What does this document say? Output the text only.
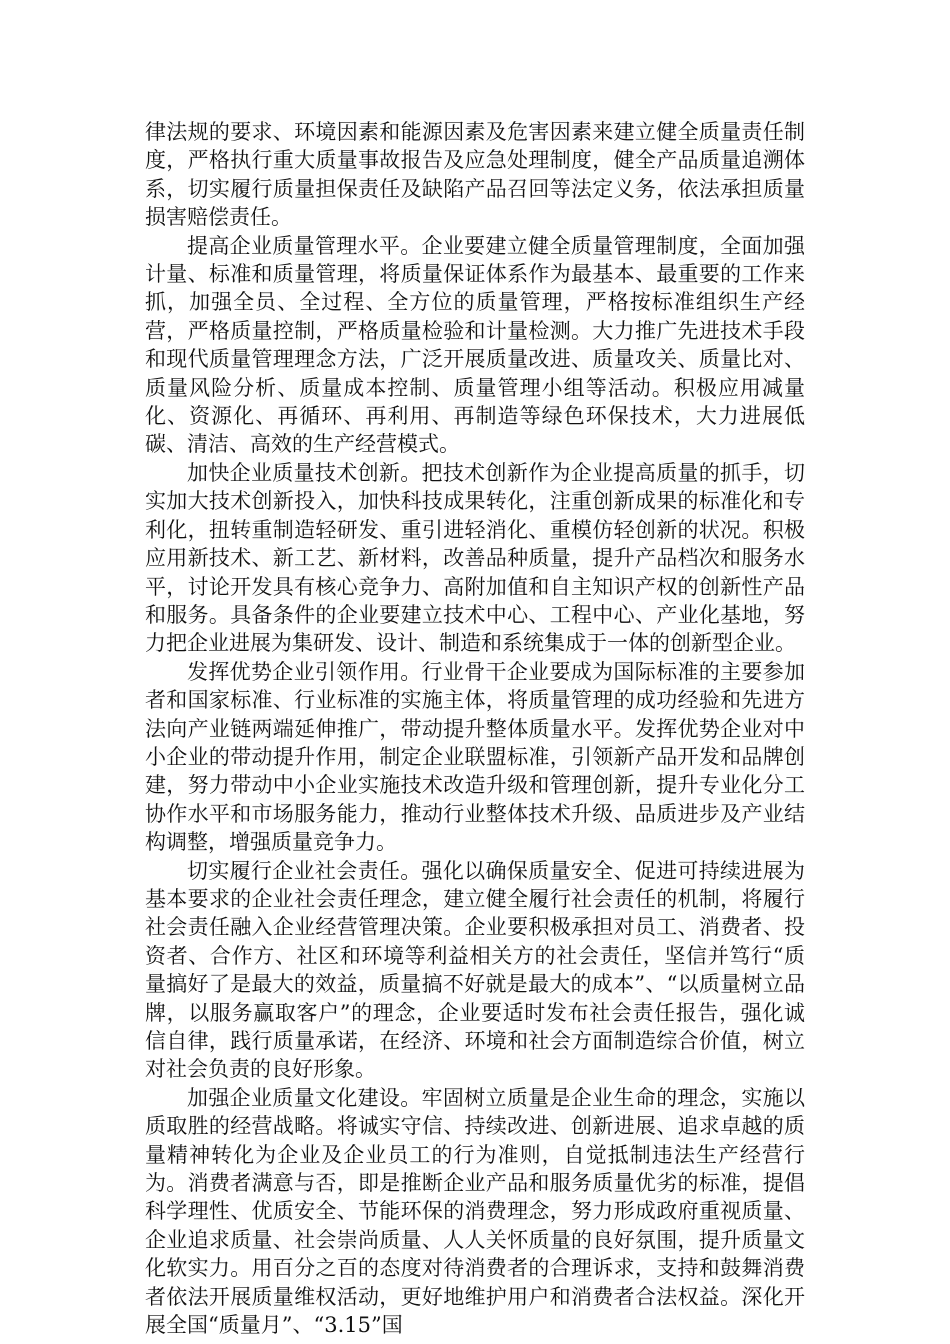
律法规的要求、环境因素和能源因素及危害因素来建立健全质量责任制度，严格执行重大质量事故报告及应急处理制度，健全产品质量追溯体系，切实履行质量担保责任及缺陷产品召回等法定义务，依法承担质量损害赔偿责任。

提高企业质量管理水平。企业要建立健全质量管理制度，全面加强计量、标准和质量管理，将质量保证体系作为最基本、最重要的工作来抓，加强全员、全过程、全方位的质量管理，严格按标准组织生产经营，严格质量控制，严格质量检验和计量检测。大力推广先进技术手段和现代质量管理理念方法，广泛开展质量改进、质量攻关、质量比对、质量风险分析、质量成本控制、质量管理小组等活动。积极应用减量化、资源化、再循环、再利用、再制造等绿色环保技术，大力进展低碳、清洁、高效的生产经营模式。

加快企业质量技术创新。把技术创新作为企业提高质量的抓手，切实加大技术创新投入，加快科技成果转化，注重创新成果的标准化和专利化，扭转重制造轻研发、重引进轻消化、重模仿轻创新的状况。积极应用新技术、新工艺、新材料，改善品种质量，提升产品档次和服务水平，讨论开发具有核心竞争力、高附加值和自主知识产权的创新性产品和服务。具备条件的企业要建立技术中心、工程中心、产业化基地，努力把企业进展为集研发、设计、制造和系统集成于一体的创新型企业。

发挥优势企业引领作用。行业骨干企业要成为国际标准的主要参加者和国家标准、行业标准的实施主体，将质量管理的成功经验和先进方法向产业链两端延伸推广，带动提升整体质量水平。发挥优势企业对中小企业的带动提升作用，制定企业联盟标准，引领新产品开发和品牌创建，努力带动中小企业实施技术改造升级和管理创新，提升专业化分工协作水平和市场服务能力，推动行业整体技术升级、品质进步及产业结构调整，增强质量竞争力。

切实履行企业社会责任。强化以确保质量安全、促进可持续进展为基本要求的企业社会责任理念，建立健全履行社会责任的机制，将履行社会责任融入企业经营管理决策。企业要积极承担对员工、消费者、投资者、合作方、社区和环境等利益相关方的社会责任，坚信并笃行“质量搞好了是最大的效益，质量搞不好就是最大的成本”、“以质量树立品牌，以服务赢取客户”的理念，企业要适时发布社会责任报告，强化诚信自律，践行质量承诺，在经济、环境和社会方面制造综合价值，树立对社会负责的良好形象。

加强企业质量文化建设。牢固树立质量是企业生命的理念，实施以质取胜的经营战略。将诚实守信、持续改进、创新进展、追求卓越的质量精神转化为企业及企业员工的行为准则，自觉抵制违法生产经营行为。消费者满意与否，即是推断企业产品和服务质量优劣的标准，提倡科学理性、优质安全、节能环保的消费理念，努力形成政府重视质量、企业追求质量、社会崇尚质量、人人关怀质量的良好氛围，提升质量文化软实力。用百分之百的态度对待消费者的合理诉求，支持和鼓舞消费者依法开展质量维权活动，更好地维护用户和消费者合法权益。深化开展全国“质量月”、“3.15”国
